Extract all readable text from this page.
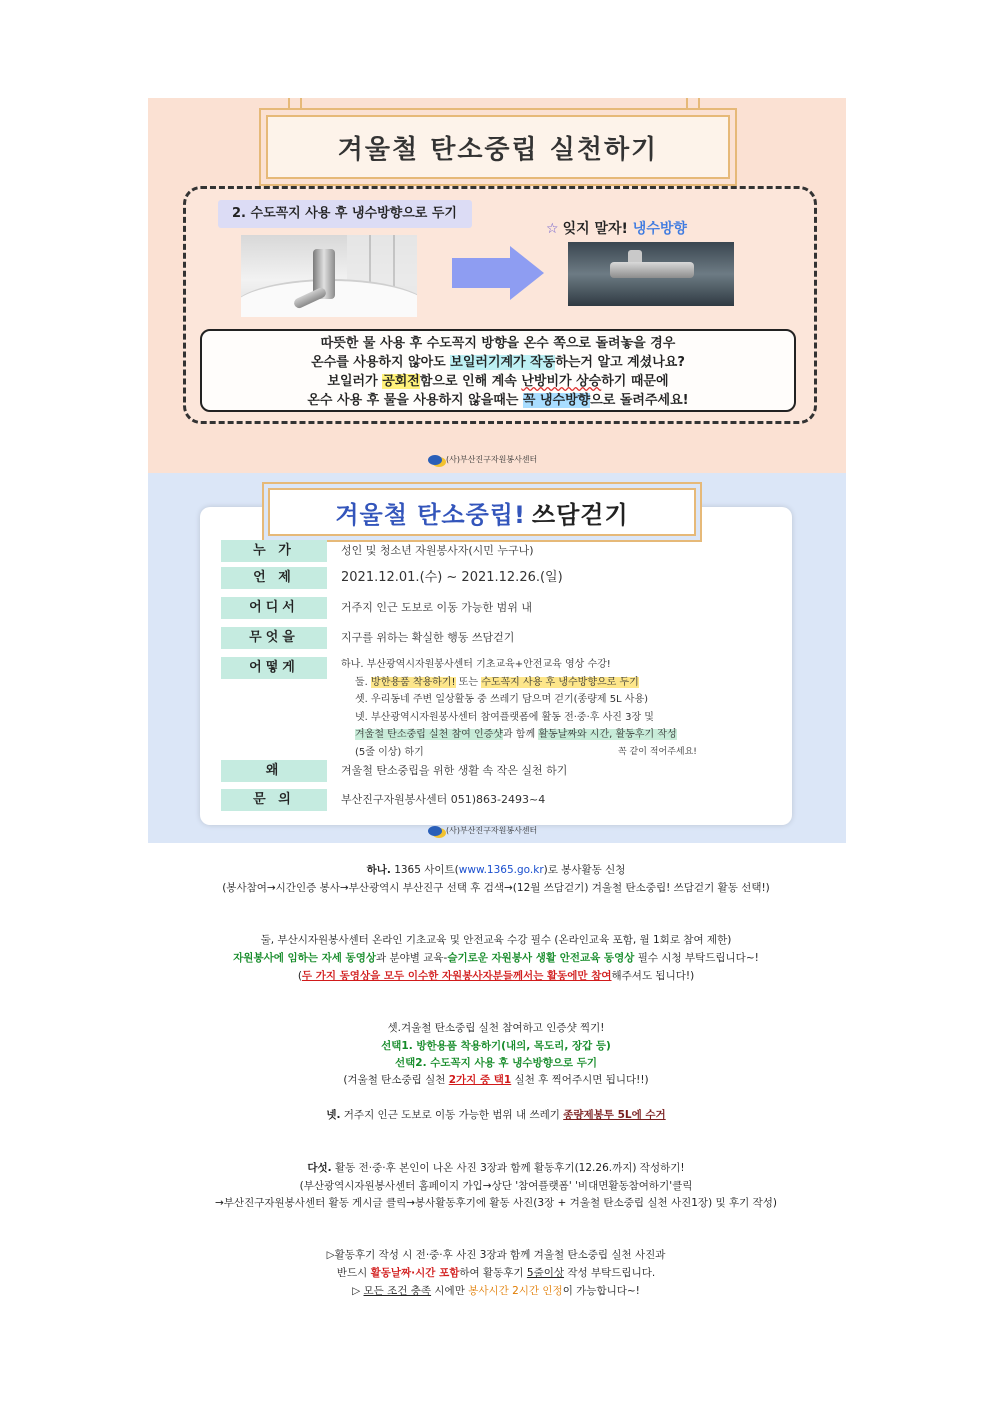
겨울철 탄소중립 실천하기
2. 수도꼭지 사용 후 냉수방향으로 두기
☆ 잊지 말자! 냉수방향
따뜻한 물 사용 후 수도꼭지 방향을 온수 쪽으로 돌려놓을 경우
온수를 사용하지 않아도 보일러기계가 작동하는거 알고 계셨나요?
보일러가 공회전함으로 인해 계속 난방비가 상승하기 때문에
온수 사용 후 물을 사용하지 않을때는 꼭 냉수방향으로 돌려주세요!
(사)부산진구자원봉사센터
겨울철 탄소중립! 쓰담걷기
누 가	성인 및 청소년 자원봉사자(시민 누구나)
언 제	2021.12.01.(수) ~ 2021.12.26.(일)
어디서	거주지 인근 도보로 이동 가능한 범위 내
무엇을	지구를 위하는 확실한 행동 쓰담걷기
어떻게	하나. 부산광역시자원봉사센터 기초교육+안전교육 영상 수강!
둘. 방한용품 착용하기! 또는 수도꼭지 사용 후 냉수방향으로 두기
셋. 우리동네 주변 일상활동 중 쓰레기 담으며 걷기(종량제 5L 사용)
넷. 부산광역시자원봉사센터 참여플랫폼에 활동 전·중·후 사진 3장 및
겨울철 탄소중립 실천 참여 인증샷과 함께 활동날짜와 시간, 활동후기 작성
(5줄 이상) 하기	꼭 같이 적어주세요!
왜	겨울철 탄소중립을 위한 생활 속 작은 실천 하기
문 의	부산진구자원봉사센터 051)863-2493~4
(사)부산진구자원봉사센터
하나. 1365 사이트(www.1365.go.kr)로 봉사활동 신청
(봉사참여→시간인증 봉사→부산광역시 부산진구 선택 후 검색→(12월 쓰담걷기) 겨울철 탄소중립! 쓰담걷기 활동 선택!)
둘, 부산시자원봉사센터 온라인 기초교육 및 안전교육 수강 필수 (온라인교육 포함, 월 1회로 참여 제한)
자원봉사에 임하는 자세 동영상과 분야별 교육-슬기로운 자원봉사 생활 안전교육 동영상 필수 시청 부탁드립니다~!
(두 가지 동영상을 모두 이수한 자원봉사자분들께서는 활동에만 참여해주셔도 됩니다!)
셋.겨울철 탄소중립 실천 참여하고 인증샷 찍기!
선택1. 방한용품 착용하기(내의, 목도리, 장갑 등)
선택2. 수도꼭지 사용 후 냉수방향으로 두기
(겨울철 탄소중립 실천 2가지 중 택1 실천 후 찍어주시면 됩니다!!)
넷. 거주지 인근 도보로 이동 가능한 범위 내 쓰레기 종량제봉투 5L에 수거
다섯. 활동 전·중·후 본인이 나온 사진 3장과 함께 활동후기(12.26.까지) 작성하기!
(부산광역시자원봉사센터 홈페이지 가입→상단 '참여플랫폼' '비대면활동참여하기'클릭
→부산진구자원봉사센터 활동 게시글 클릭→봉사활동후기에 활동 사진(3장 + 겨울철 탄소중립 실천 사진1장) 및 후기 작성)
▷활동후기 작성 시 전·중·후 사진 3장과 함께 겨울철 탄소중립 실천 사진과
반드시 활동날짜·시간 포함하여 활동후기 5줄이상 작성 부탁드립니다.
▷ 모든 조건 충족 시에만 봉사시간 2시간 인정이 가능합니다~!
